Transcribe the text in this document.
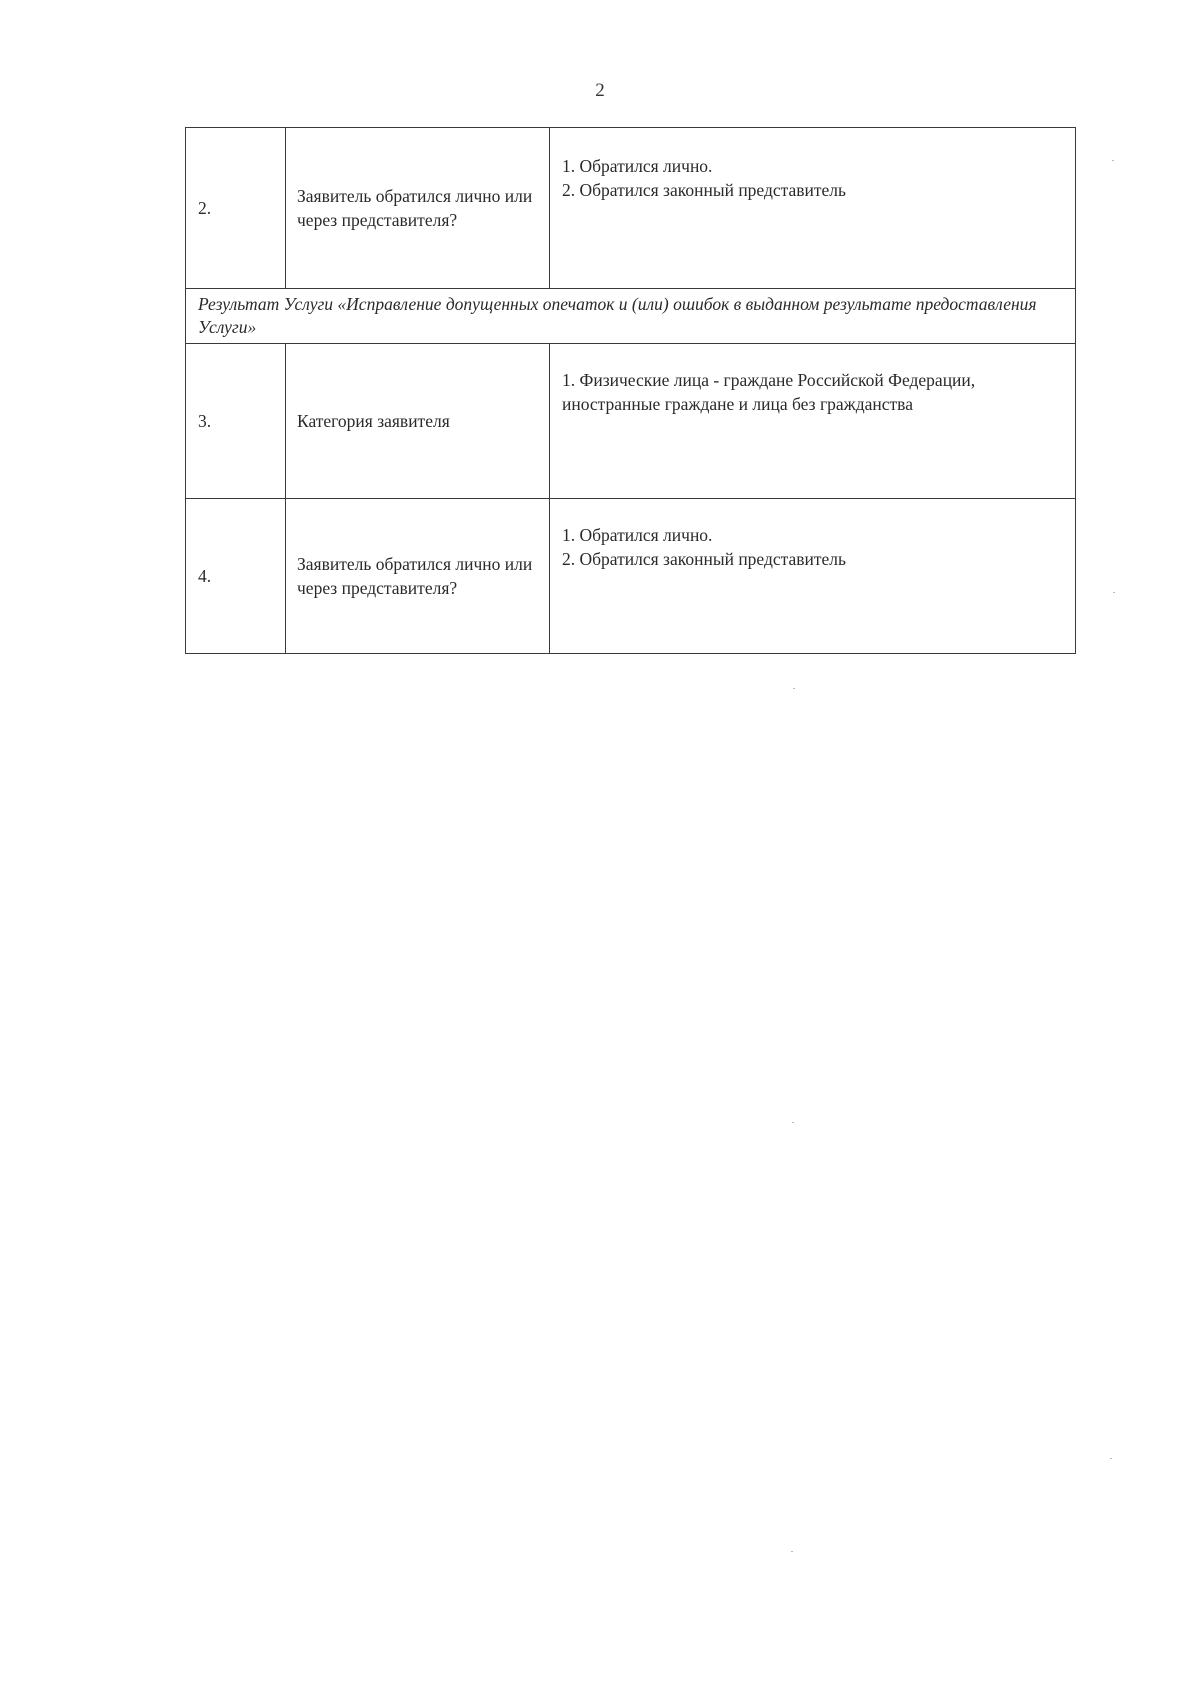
2
2.	Заявитель обратился лично или через представителя?	1. Обратился лично.
2. Обратился законный представитель

Результат Услуги «Исправление допущенных опечаток и (или) ошибок в выданном результате предоставления Услуги»		
3.	Категория заявителя	1. Физические лица - граждане Российской Федерации, иностранные граждане и лица без гражданства

4.	Заявитель обратился лично или через представителя?	1. Обратился лично.
2. Обратился законный представитель
